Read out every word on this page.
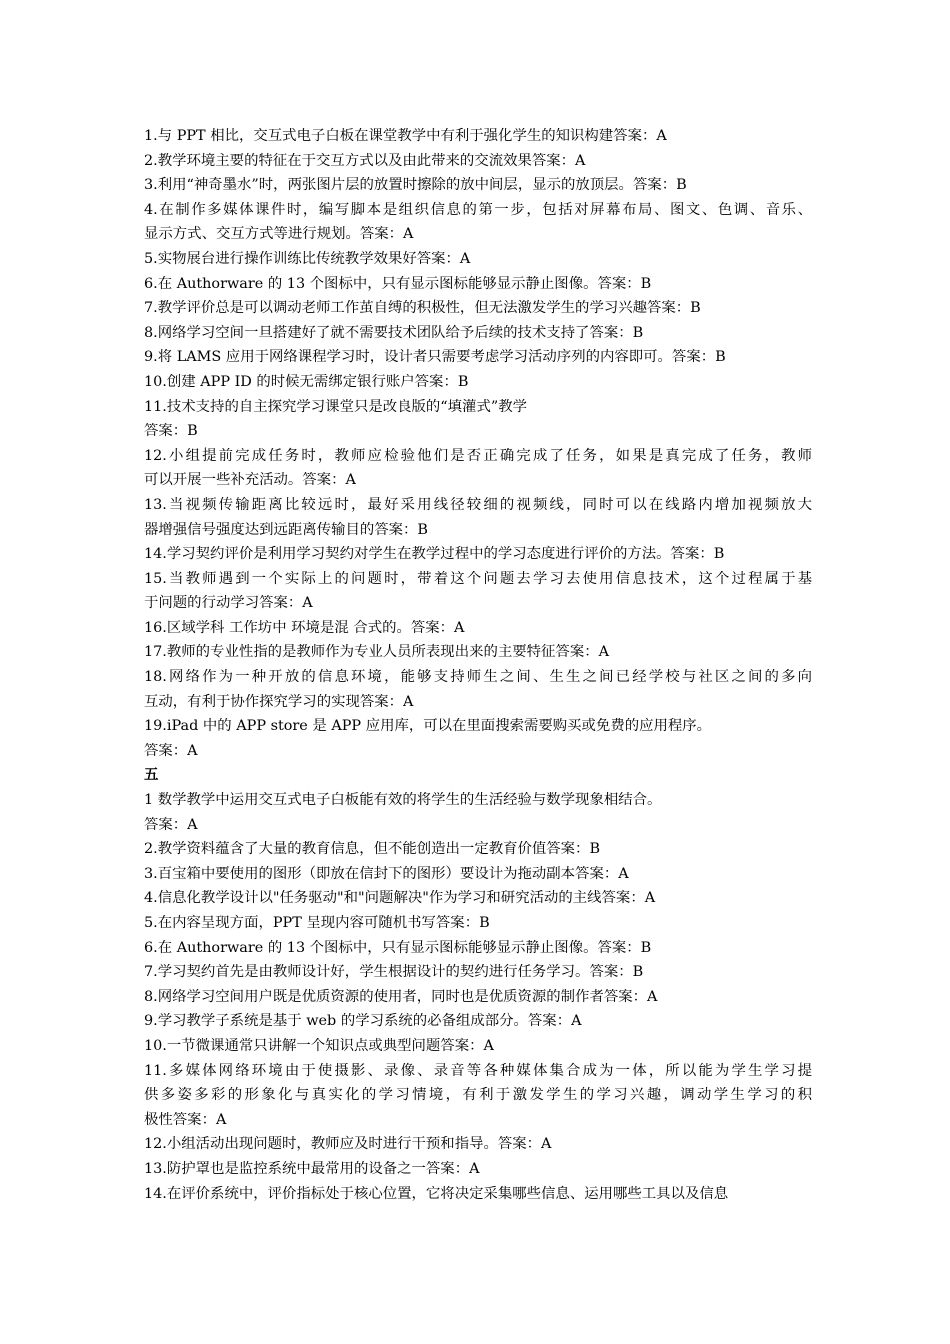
1.与 PPT 相比，交互式电子白板在课堂教学中有利于强化学生的知识构建答案：A
2.教学环境主要的特征在于交互方式以及由此带来的交流效果答案：A
3.利用“神奇墨水”时，两张图片层的放置时擦除的放中间层，显示的放顶层。答案：B
4.在制作多媒体课件时，编写脚本是组织信息的第一步，包括对屏幕布局、图文、色调、音乐、
显示方式、交互方式等进行规划。答案：A
5.实物展台进行操作训练比传统教学效果好答案：A
6.在 Authorware 的 13 个图标中，只有显示图标能够显示静止图像。答案：B
7.教学评价总是可以调动老师工作茧自缚的积极性，但无法激发学生的学习兴趣答案：B
8.网络学习空间一旦搭建好了就不需要技术团队给予后续的技术支持了答案：B
9.将 LAMS 应用于网络课程学习时，设计者只需要考虑学习活动序列的内容即可。答案：B
10.创建 APP ID 的时候无需绑定银行账户答案：B
11.技术支持的自主探究学习课堂只是改良版的“填灌式”教学
答案：B
12.小组提前完成任务时，教师应检验他们是否正确完成了任务，如果是真完成了任务，教师
可以开展一些补充活动。答案：A
13.当视频传输距离比较远时，最好采用线径较细的视频线，同时可以在线路内增加视频放大
器增强信号强度达到远距离传输目的答案：B
14.学习契约评价是利用学习契约对学生在教学过程中的学习态度进行评价的方法。答案：B
15.当教师遇到一个实际上的问题时，带着这个问题去学习去使用信息技术，这个过程属于基
于问题的行动学习答案：A
16.区域学科 工作坊中 环境是混 合式的。答案：A
17.教师的专业性指的是教师作为专业人员所表现出来的主要特征答案：A
18.网络作为一种开放的信息环境，能够支持师生之间、生生之间已经学校与社区之间的多向
互动，有利于协作探究学习的实现答案：A
19.iPad 中的 APP store 是 APP 应用库，可以在里面搜索需要购买或免费的应用程序。
答案：A
五
1 数学教学中运用交互式电子白板能有效的将学生的生活经验与数学现象相结合。
答案：A
2.教学资料蕴含了大量的教育信息，但不能创造出一定教育价值答案：B
3.百宝箱中要使用的图形（即放在信封下的图形）要设计为拖动副本答案：A
4.信息化教学设计以"任务驱动"和"问题解决"作为学习和研究活动的主线答案：A
5.在内容呈现方面，PPT 呈现内容可随机书写答案：B
6.在 Authorware 的 13 个图标中，只有显示图标能够显示静止图像。答案：B
7.学习契约首先是由教师设计好，学生根据设计的契约进行任务学习。答案：B
8.网络学习空间用户既是优质资源的使用者，同时也是优质资源的制作者答案：A
9.学习教学子系统是基于 web 的学习系统的必备组成部分。答案：A
10.一节微课通常只讲解一个知识点或典型问题答案：A
11.多媒体网络环境由于使摄影、录像、录音等各种媒体集合成为一体，所以能为学生学习提
供多姿多彩的形象化与真实化的学习情境，有利于激发学生的学习兴趣，调动学生学习的积
极性答案：A
12.小组活动出现问题时，教师应及时进行干预和指导。答案：A
13.防护罩也是监控系统中最常用的设备之一答案：A
14.在评价系统中，评价指标处于核心位置，它将决定采集哪些信息、运用哪些工具以及信息
